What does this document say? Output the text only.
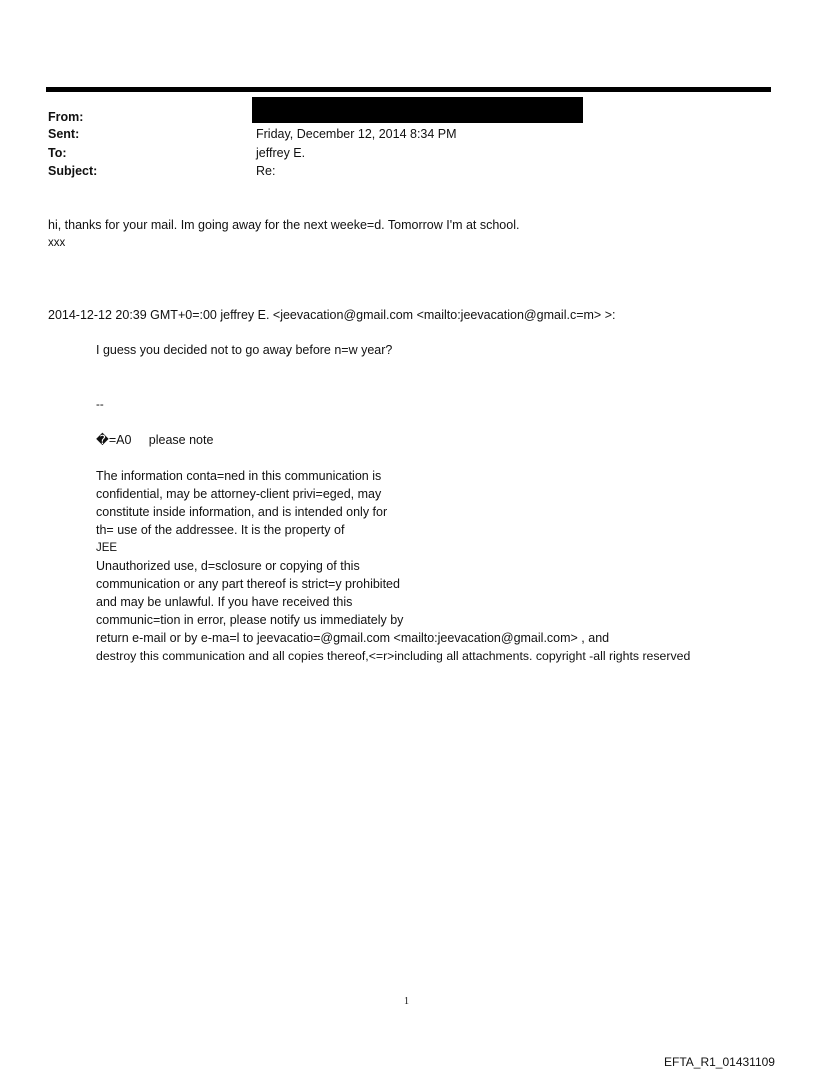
From:
Sent:	Friday, December 12, 2014 8:34 PM
To:	jeffrey E.
Subject:	Re:
hi, thanks for your mail. Im going away for the next weeke=d. Tomorrow I'm at school.
xxx
2014-12-12 20:39 GMT+0=:00 jeffrey E. <jeevacation@gmail.com <mailto:jeevacation@gmail.c=m> >:
I guess you decided not to go away before n=w year?
--
�=A0     please note
The information conta=ned in this communication is
confidential, may be attorney-client privi=eged, may
constitute inside information, and is intended only for
th= use of the addressee. It is the property of
JEE
Unauthorized use, d=sclosure or copying of this
communication or any part thereof is strict=y prohibited
and may be unlawful. If you have received this
communic=tion in error, please notify us immediately by
return e-mail or by e-ma=l to jeevacatio=@gmail.com <mailto:jeevacation@gmail.com> , and
destroy this communication and all copies thereof,<=r>including all attachments. copyright -all rights reserved
1
EFTA_R1_01431109
